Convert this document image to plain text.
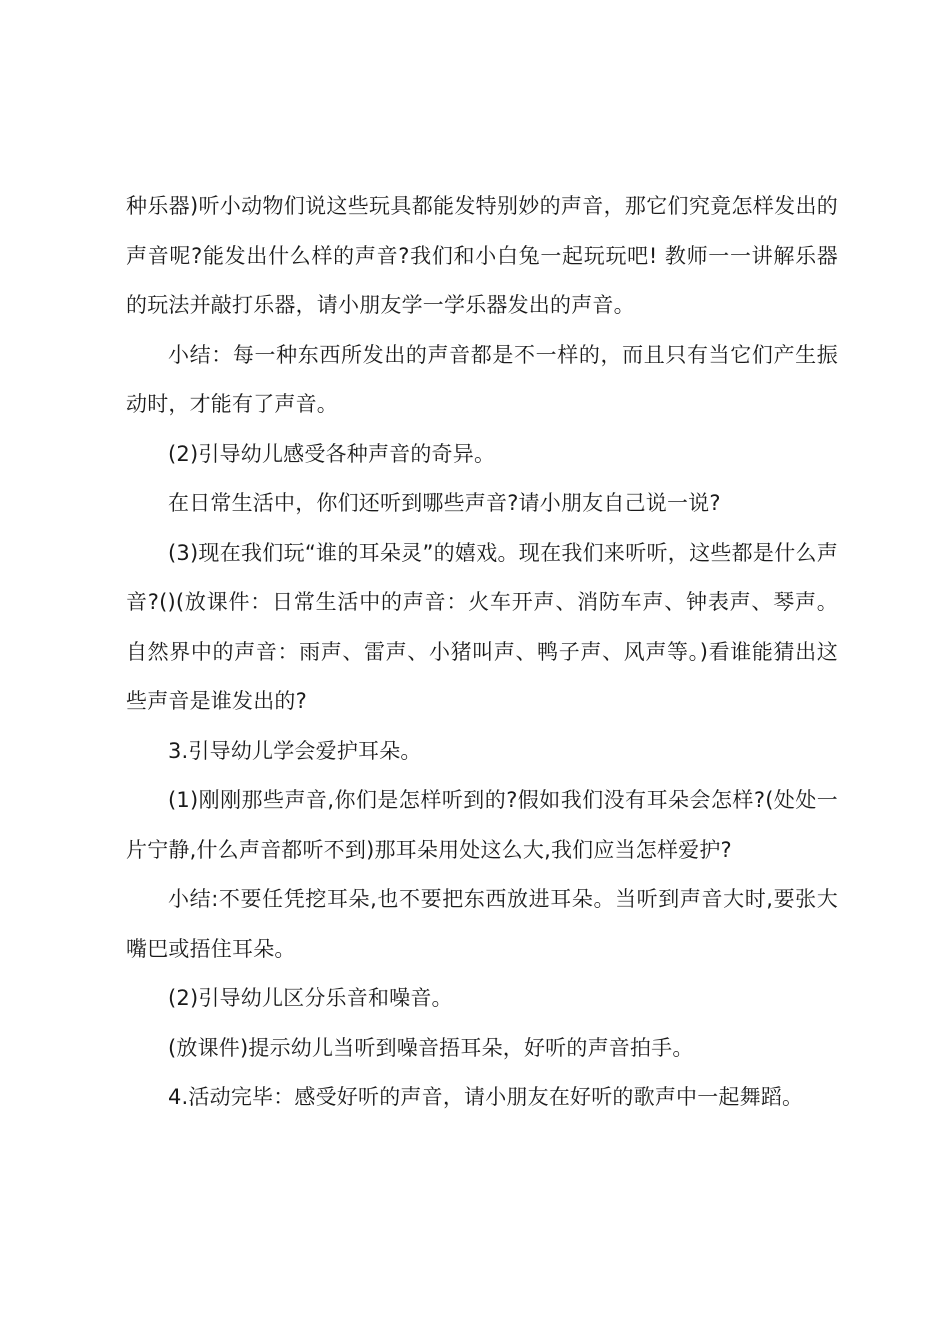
种乐器)听小动物们说这些玩具都能发特别妙的声音，那它们究竟怎样发出的声音呢?能发出什么样的声音?我们和小白兔一起玩玩吧! 教师一一讲解乐器的玩法并敲打乐器，请小朋友学一学乐器发出的声音。

小结：每一种东西所发出的声音都是不一样的，而且只有当它们产生振动时，才能有了声音。

(2)引导幼儿感受各种声音的奇异。

在日常生活中，你们还听到哪些声音?请小朋友自己说一说?

(3)现在我们玩“谁的耳朵灵”的嬉戏。现在我们来听听，这些都是什么声音?()(放课件：日常生活中的声音：火车开声、消防车声、钟表声、琴声。自然界中的声音：雨声、雷声、小猪叫声、鸭子声、风声等。)看谁能猜出这些声音是谁发出的?

3.引导幼儿学会爱护耳朵。

(1)刚刚那些声音,你们是怎样听到的?假如我们没有耳朵会怎样?(处处一片宁静,什么声音都听不到)那耳朵用处这么大,我们应当怎样爱护?

小结:不要任凭挖耳朵,也不要把东西放进耳朵。当听到声音大时,要张大嘴巴或捂住耳朵。

(2)引导幼儿区分乐音和噪音。

(放课件)提示幼儿当听到噪音捂耳朵，好听的声音拍手。

4.活动完毕：感受好听的声音，请小朋友在好听的歌声中一起舞蹈。
